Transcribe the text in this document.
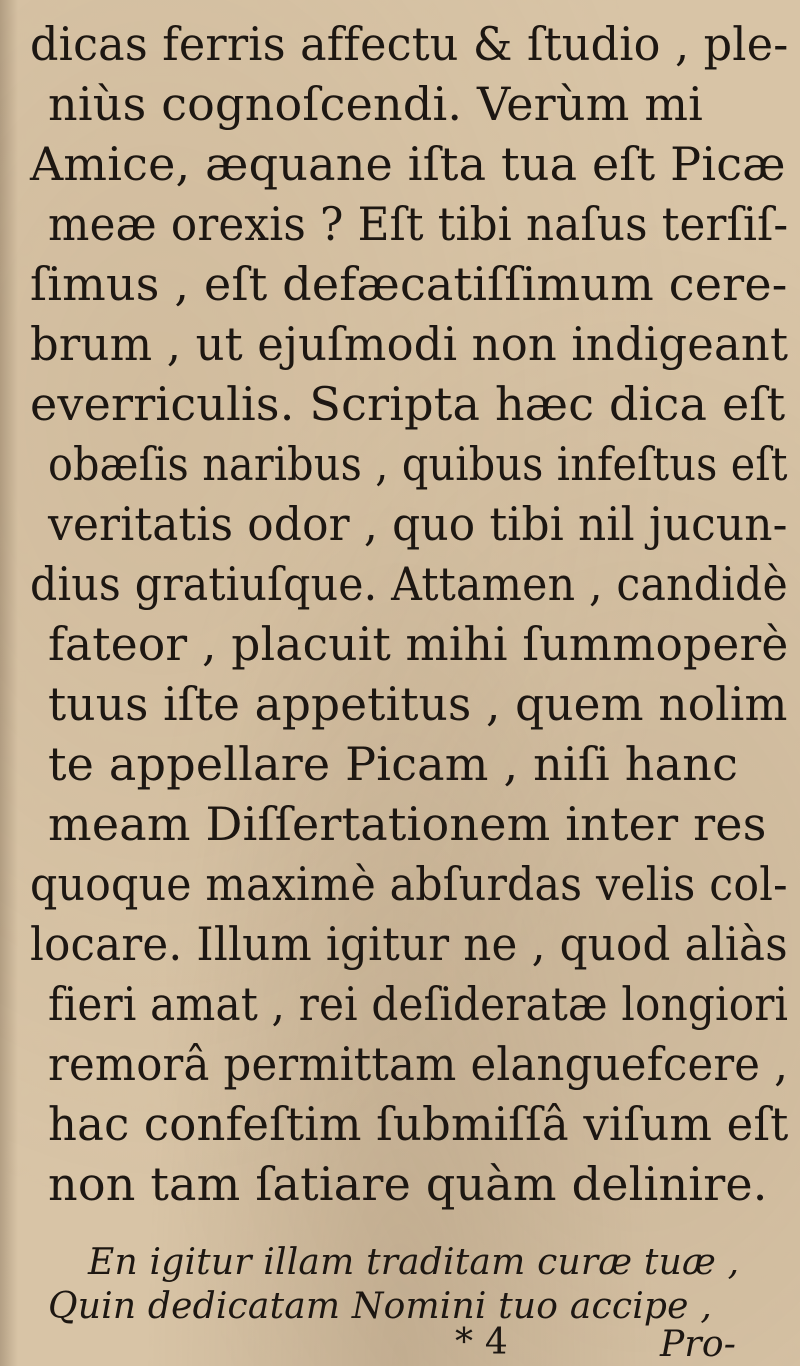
dicas ferris affectu & ſtudio , ple-
niùs cognoſcendi. Verùm mi
Amice, æquane iſta tua eſt Picæ
meæ orexis ? Eſt tibi naſus terſiſ-
ſimus , eſt defæcatiſſimum cere-
brum , ut ejuſmodi non indigeant
everriculis. Scripta hæc dica eſt
obæſis naribus , quibus infeſtus eſt
veritatis odor , quo tibi nil jucun-
dius gratiuſque. Attamen , candidè
fateor , placuit mihi ſummoperè
tuus iſte appetitus , quem nolim
te appellare Picam , niſi hanc
meam Diſſertationem inter res
quoque maximè abſurdas velis col-
locare. Illum igitur ne , quod aliàs
fieri amat , rei deſideratæ longiori
remorâ permittam elanguefcere ,
hac confeſtim ſubmiſſâ viſum eſt
non tam ſatiare quàm delinire.
En igitur illam traditam curæ tuæ ,
Quin dedicatam Nomini tuo accipe ,
* 4	Pro-
